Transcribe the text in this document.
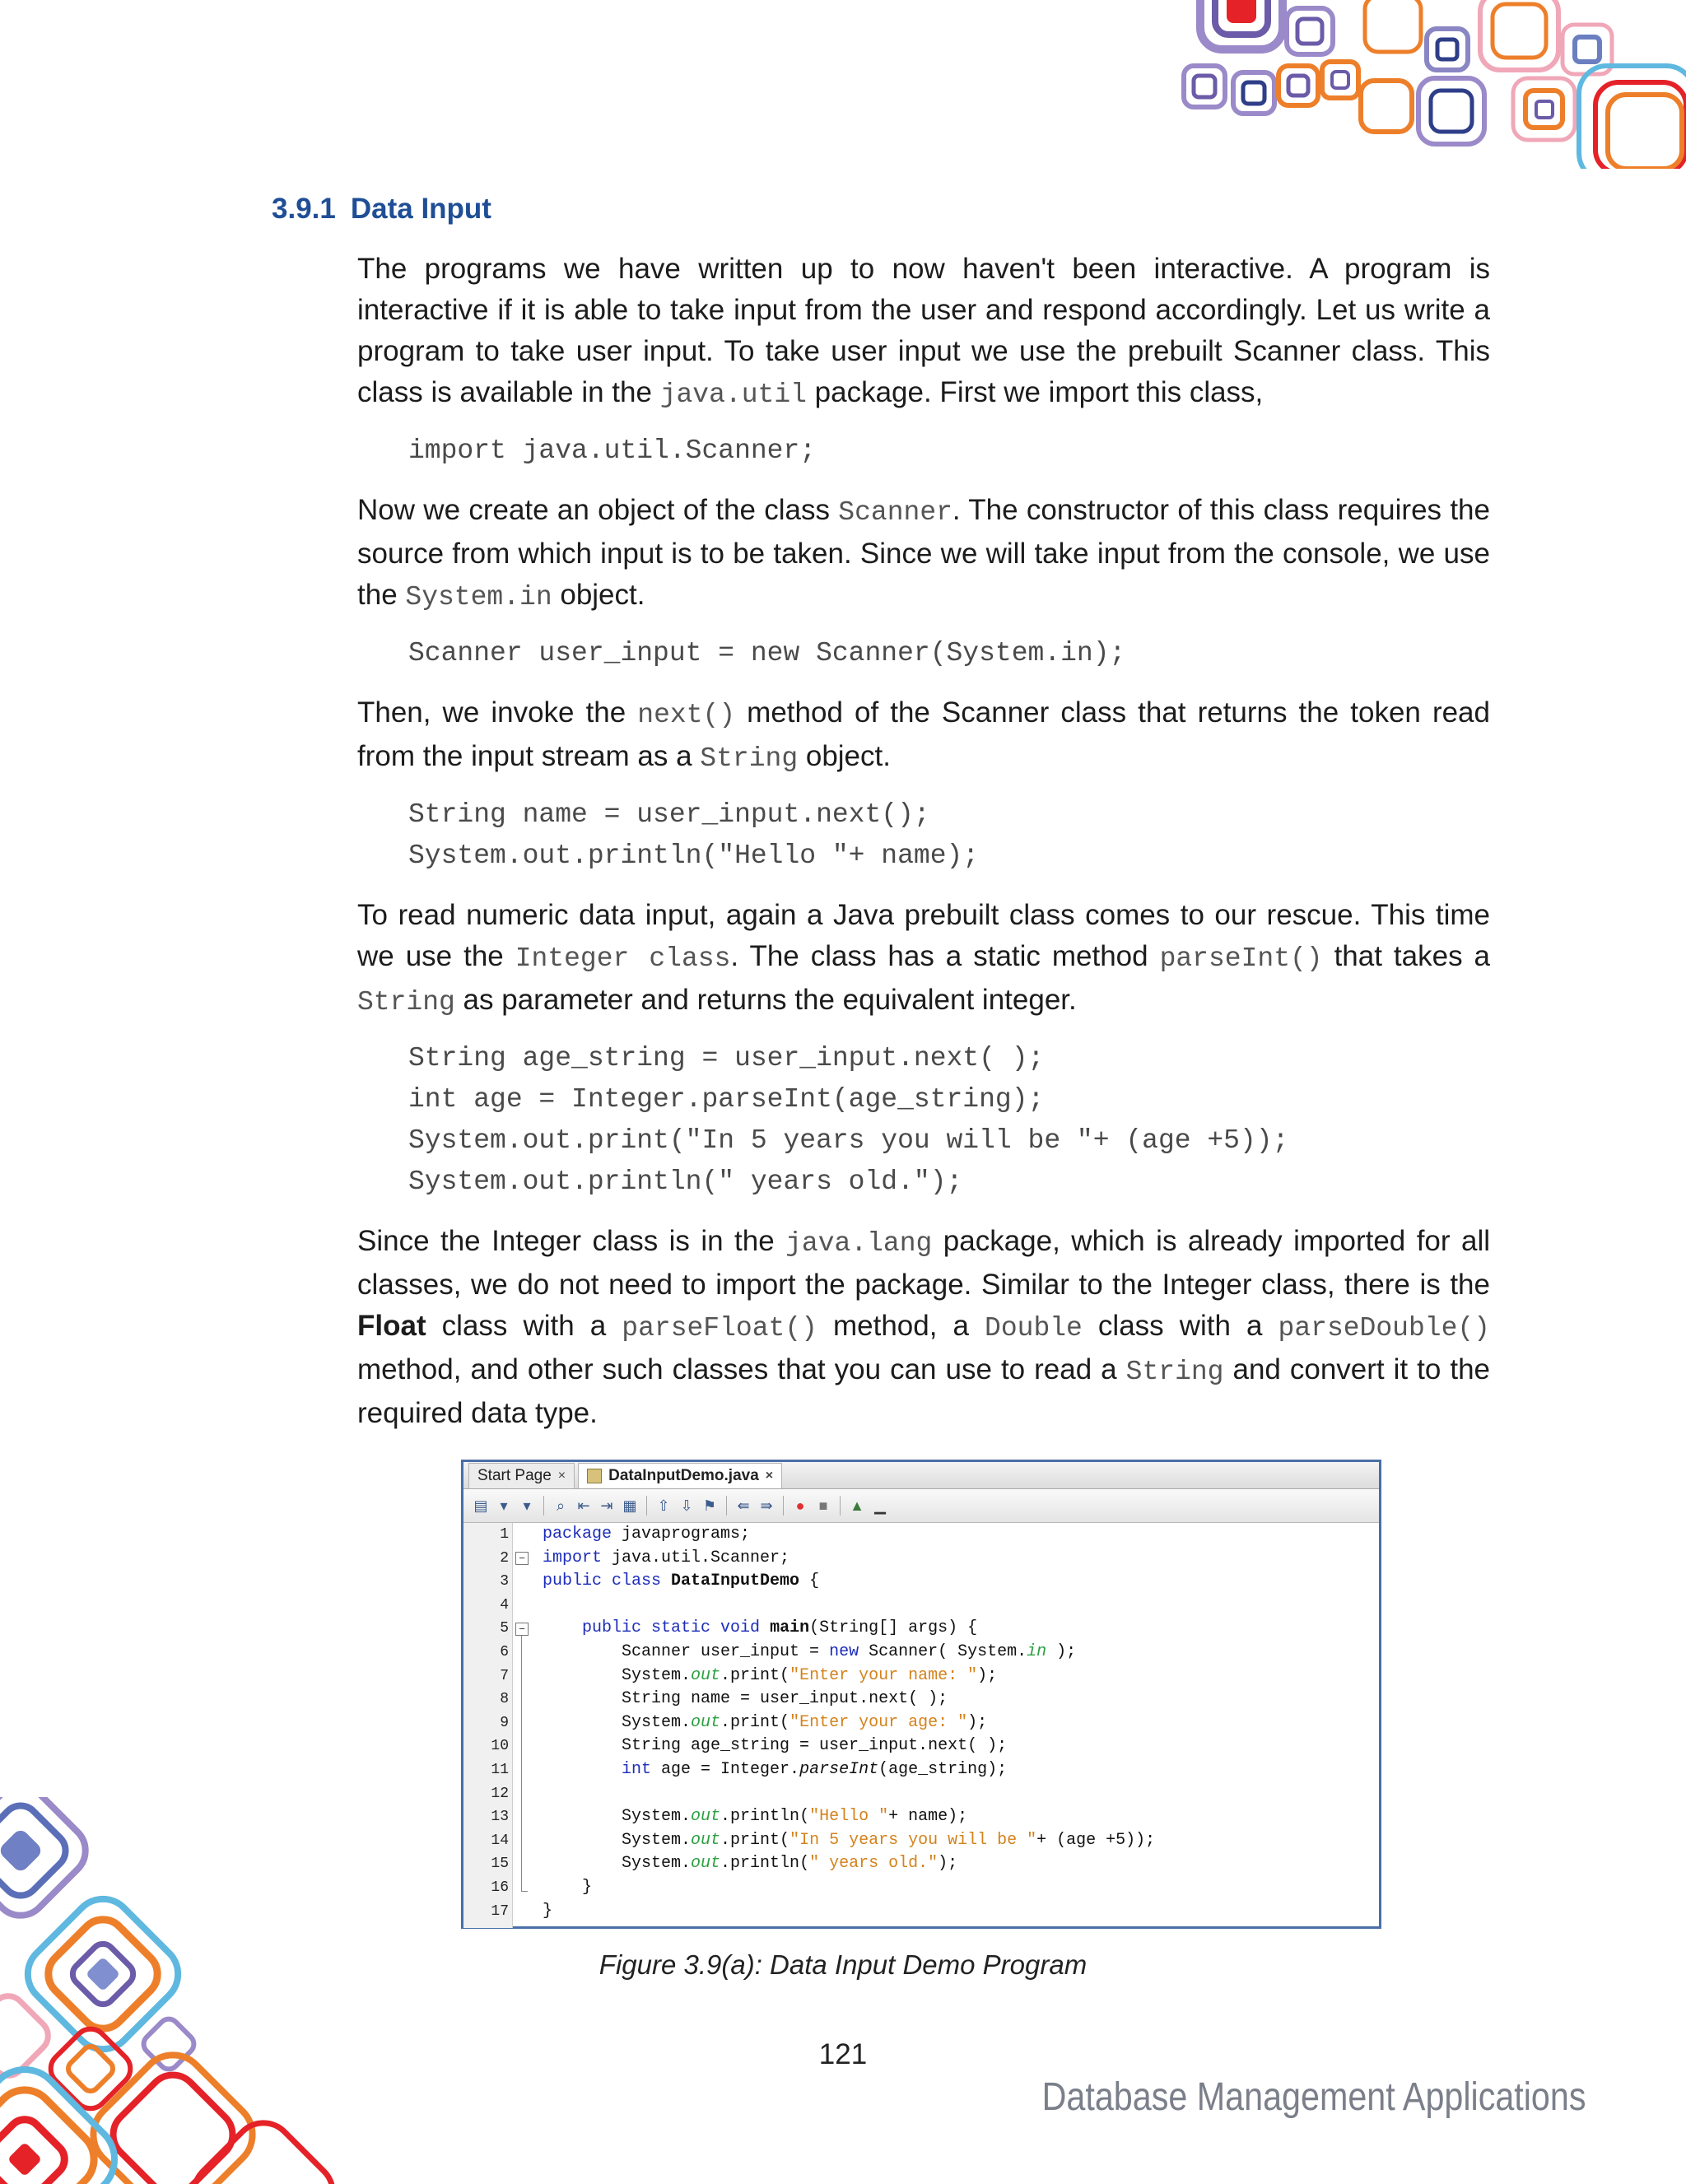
3.9.1 Data Input

The programs we have written up to now haven't been interactive. A program is interactive if it is able to take input from the user and respond accordingly. Let us write a program to take user input. To take user input we use the prebuilt Scanner class. This class is available in the java.util package. First we import this class,

import java.util.Scanner;

Now we create an object of the class Scanner. The constructor of this class requires the source from which input is to be taken. Since we will take input from the console, we use the System.in object.

Scanner user_input = new Scanner(System.in);

Then, we invoke the next() method of the Scanner class that returns the token read from the input stream as a String object.

String name = user_input.next();
System.out.println("Hello "+ name);

To read numeric data input, again a Java prebuilt class comes to our rescue. This time we use the Integer class. The class has a static method parseInt() that takes a String as parameter and returns the equivalent integer.

String age_string = user_input.next( );
int age = Integer.parseInt(age_string);
System.out.print("In 5 years you will be "+ (age +5));
System.out.println(" years old.");

Since the Integer class is in the java.lang package, which is already imported for all classes, we do not need to import the package. Similar to the Integer class, there is the Float class with a parseFloat() method, a Double class with a parseDouble() method, and other such classes that you can use to read a String and convert it to the required data type.

Start Page ×	DataInputDemo.java ×
▤ ▾	▾	⌕ ⇤ ⇥ ▦ ⇧ ⇩ ⚑ ⇚ ⇛	● ■	▲ ▁
1
2
3
4
5
6
7
8
9
10
11
12
13
14
15
16
17
−
−
package javaprograms;
import java.util.Scanner;
public class DataInputDemo {

public static void main(String[] args) {
Scanner user_input = new Scanner( System.in );
System.out.print("Enter your name: ");
String name = user_input.next( );
System.out.print("Enter your age: ");
String age_string = user_input.next( );
int age = Integer.parseInt(age_string);

System.out.println("Hello "+ name);
System.out.print("In 5 years you will be "+ (age +5));
System.out.println(" years old.");
}
}
Figure 3.9(a): Data Input Demo Program
121
Database Management Applications
